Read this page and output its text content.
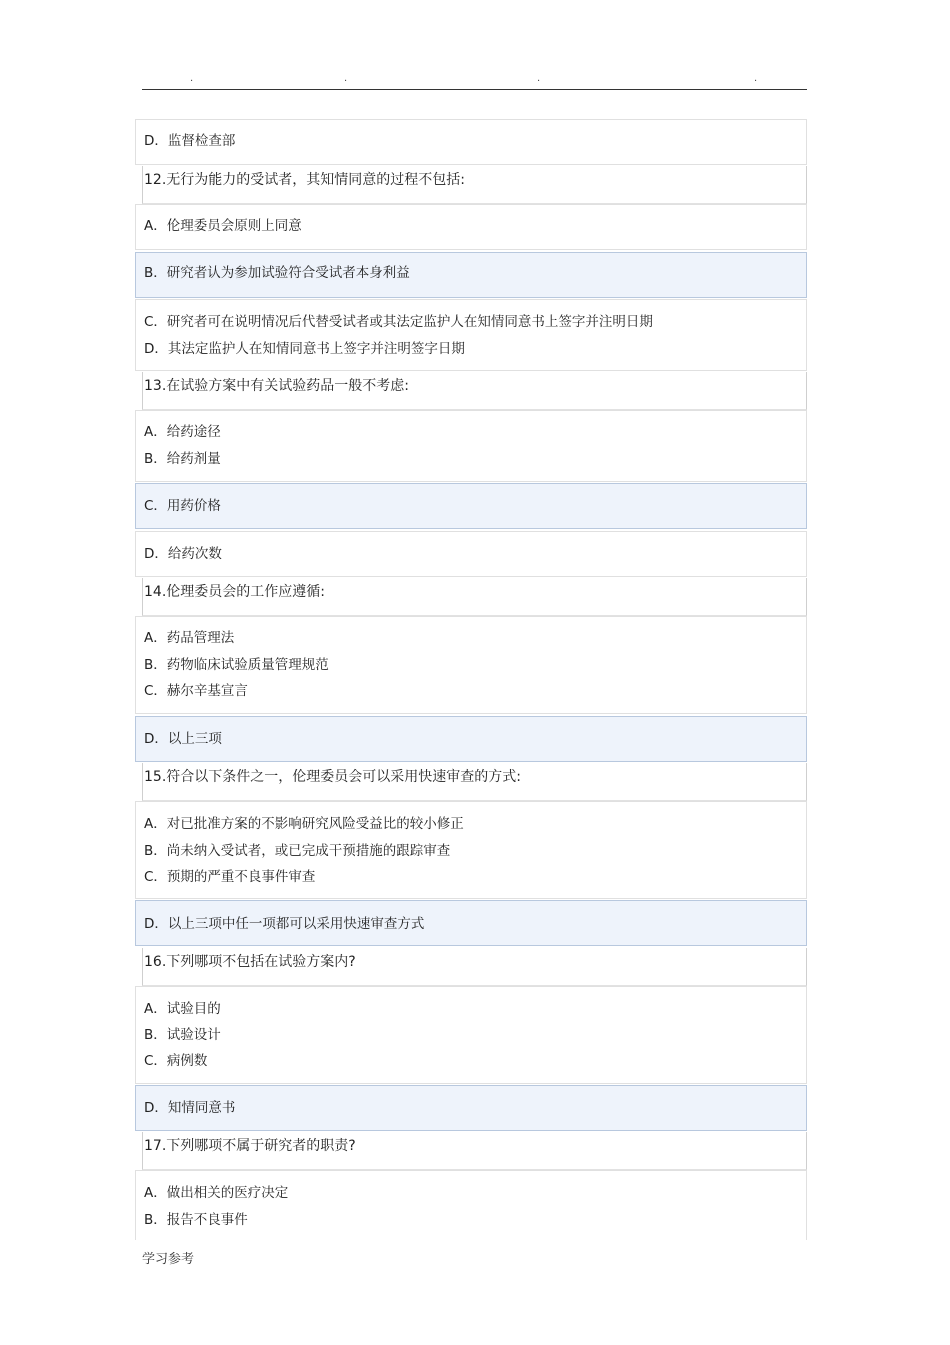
.	.	.	.
D．监督检查部
12.无行为能力的受试者，其知情同意的过程不包括:
A．伦理委员会原则上同意
B．研究者认为参加试验符合受试者本身利益
C．研究者可在说明情况后代替受试者或其法定监护人在知情同意书上签字并注明日期
D．其法定监护人在知情同意书上签字并注明签字日期
13.在试验方案中有关试验药品一般不考虑:
A．给药途径
B．给药剂量
C．用药价格
D．给药次数
14.伦理委员会的工作应遵循:
A．药品管理法
B．药物临床试验质量管理规范
C．赫尔辛基宣言
D．以上三项
15.符合以下条件之一，伦理委员会可以采用快速审查的方式:
A．对已批准方案的不影响研究风险受益比的较小修正
B．尚未纳入受试者，或已完成干预措施的跟踪审查
C．预期的严重不良事件审查
D．以上三项中任一项都可以采用快速审查方式
16.下列哪项不包括在试验方案内?
A．试验目的
B．试验设计
C．病例数
D．知情同意书
17.下列哪项不属于研究者的职责?
A．做出相关的医疗决定
B．报告不良事件
学习参考
